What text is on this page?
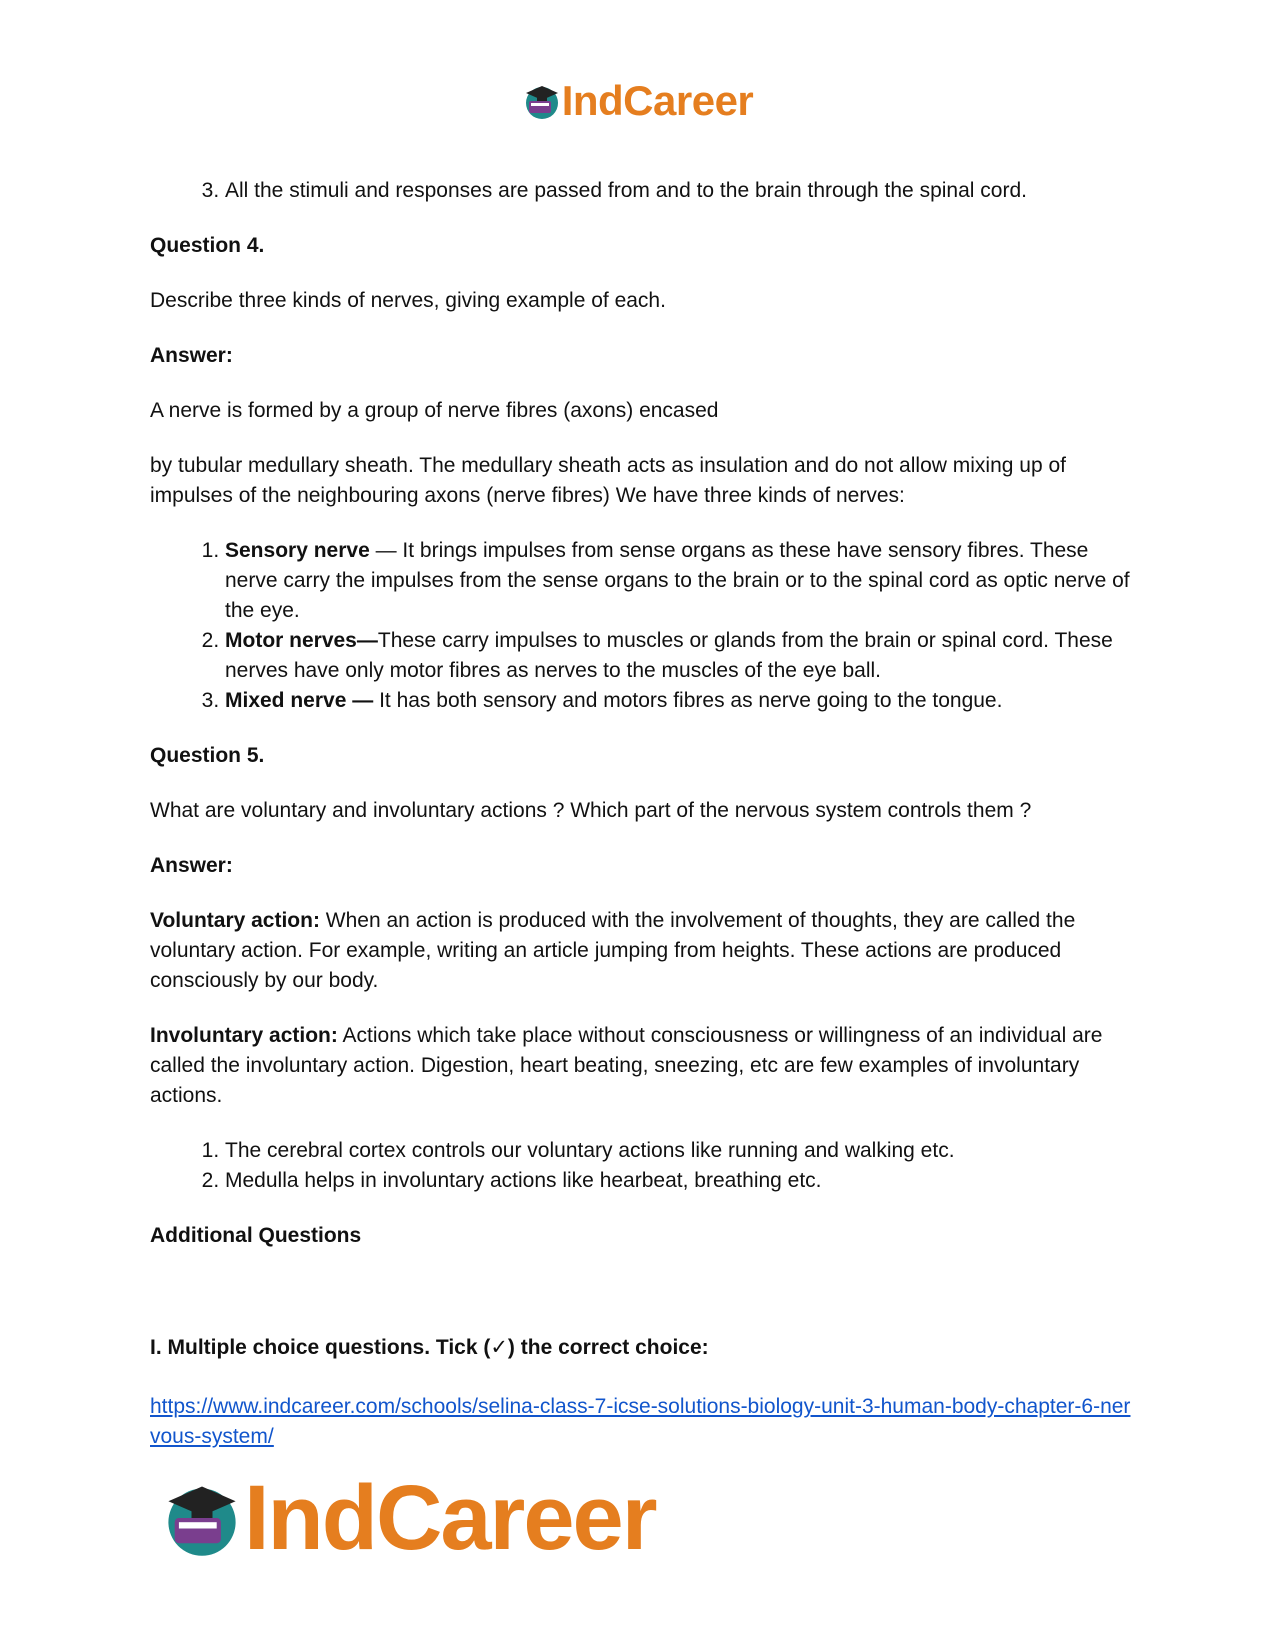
IndCareer
3. All the stimuli and responses are passed from and to the brain through the spinal cord.

Question 4.

Describe three kinds of nerves, giving example of each.

Answer:

A nerve is formed by a group of nerve fibres (axons) encased

by tubular medullary sheath. The medullary sheath acts as insulation and do not allow mixing up of impulses of the neighbouring axons (nerve fibres) We have three kinds of nerves:

1. Sensory nerve — It brings impulses from sense organs as these have sensory fibres. These nerve carry the impulses from the sense organs to the brain or to the spinal cord as optic nerve of the eye.
2. Motor nerves—These carry impulses to muscles or glands from the brain or spinal cord. These nerves have only motor fibres as nerves to the muscles of the eye ball.
3. Mixed nerve — It has both sensory and motors fibres as nerve going to the tongue.

Question 5.

What are voluntary and involuntary actions ? Which part of the nervous system controls them ?

Answer:

Voluntary action: When an action is produced with the involvement of thoughts, they are called the voluntary action. For example, writing an article jumping from heights. These actions are produced consciously by our body.

Involuntary action: Actions which take place without consciousness or willingness of an individual are called the involuntary action. Digestion, heart beating, sneezing, etc are few examples of involuntary actions.

1. The cerebral cortex controls our voluntary actions like running and walking etc.
2. Medulla helps in involuntary actions like hearbeat, breathing etc.

Additional Questions

I. Multiple choice questions. Tick (✓) the correct choice:

https://www.indcareer.com/schools/selina-class-7-icse-solutions-biology-unit-3-human-body-chapter-6-nervous-system/

IndCareer
